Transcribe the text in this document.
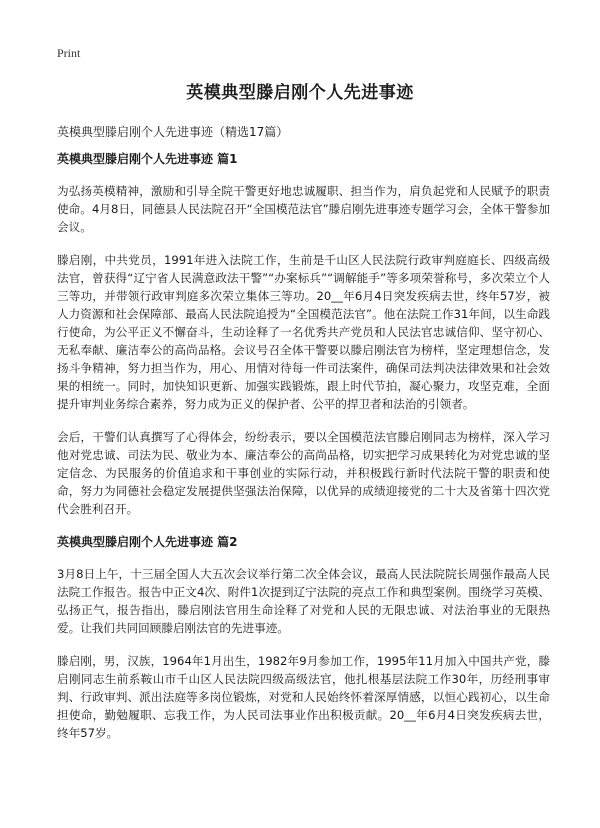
Print
英模典型滕启刚个人先进事迹

英模典型滕启刚个人先进事迹（精选17篇）

英模典型滕启刚个人先进事迹 篇1

为弘扬英模精神，激励和引导全院干警更好地忠诚履职、担当作为，肩负起党和人民赋予的职责使命。4月8日，同德县人民法院召开“全国模范法官”滕启刚先进事迹专题学习会，全体干警参加会议。

滕启刚，中共党员，1991年进入法院工作，生前是千山区人民法院行政审判庭庭长、四级高级法官，曾获得“辽宁省人民满意政法干警”“办案标兵”“调解能手”等多项荣誉称号，多次荣立个人三等功，并带领行政审判庭多次荣立集体三等功。20__年6月4日突发疾病去世，终年57岁，被人力资源和社会保障部、最高人民法院追授为“全国模范法官”。他在法院工作31年间，以生命践行使命，为公平正义不懈奋斗，生动诠释了一名优秀共产党员和人民法官忠诚信仰、坚守初心、无私奉献、廉洁奉公的高尚品格。会议号召全体干警要以滕启刚法官为榜样，坚定理想信念，发扬斗争精神，努力担当作为，用心、用情对待每一件司法案件，确保司法判决法律效果和社会效果的相统一。同时，加快知识更新、加强实践锻炼，跟上时代节拍，凝心聚力，攻坚克难，全面提升审判业务综合素养，努力成为正义的保护者、公平的捍卫者和法治的引领者。

会后，干警们认真撰写了心得体会，纷纷表示，要以全国模范法官滕启刚同志为榜样，深入学习他对党忠诚、司法为民、敬业为本、廉洁奉公的高尚品格，切实把学习成果转化为对党忠诚的坚定信念、为民服务的价值追求和干事创业的实际行动，并积极践行新时代法院干警的职责和使命，努力为同德社会稳定发展提供坚强法治保障，以优异的成绩迎接党的二十大及省第十四次党代会胜利召开。

英模典型滕启刚个人先进事迹 篇2

3月8日上午，十三届全国人大五次会议举行第二次全体会议，最高人民法院院长周强作最高人民法院工作报告。报告中正文4次、附件1次提到辽宁法院的亮点工作和典型案例。围绕学习英模、弘扬正气，报告指出，滕启刚法官用生命诠释了对党和人民的无限忠诚、对法治事业的无限热爱。让我们共同回顾滕启刚法官的先进事迹。

滕启刚，男，汉族，1964年1月出生，1982年9月参加工作，1995年11月加入中国共产党，滕启刚同志生前系鞍山市千山区人民法院四级高级法官，他扎根基层法院工作30年，历经刑事审判、行政审判、派出法庭等多岗位锻炼，对党和人民始终怀着深厚情感，以恒心践初心，以生命担使命，勤勉履职、忘我工作，为人民司法事业作出积极贡献。20__年6月4日突发疾病去世，终年57岁。
